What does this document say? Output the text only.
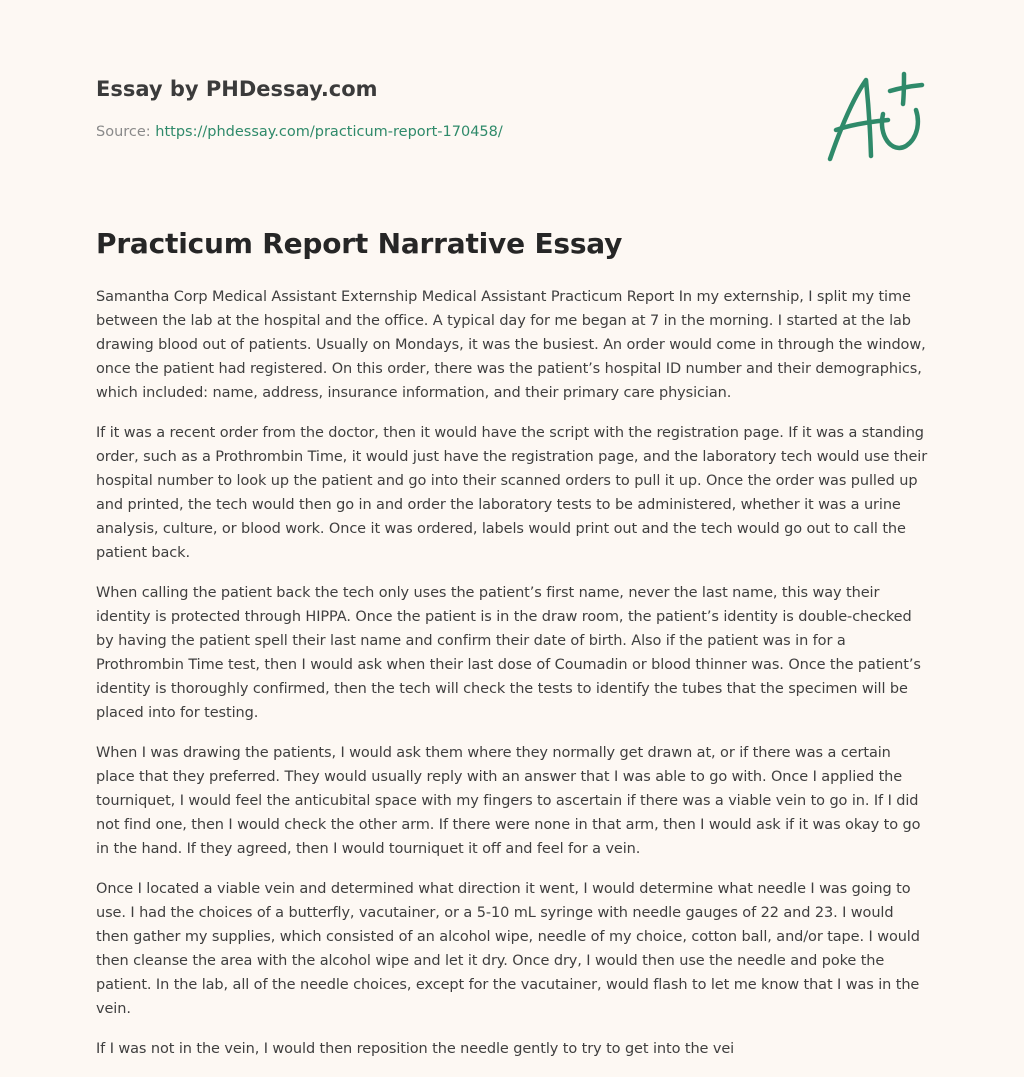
Essay by PHDessay.com
Source: https://phdessay.com/practicum-report-170458/
Practicum Report Narrative Essay

Samantha Corp Medical Assistant Externship Medical Assistant Practicum Report In my externship, I split my time between the lab at the hospital and the office. A typical day for me began at 7 in the morning. I started at the lab drawing blood out of patients. Usually on Mondays, it was the busiest. An order would come in through the window, once the patient had registered. On this order, there was the patient’s hospital ID number and their demographics, which included: name, address, insurance information, and their primary care physician.

If it was a recent order from the doctor, then it would have the script with the registration page. If it was a standing order, such as a Prothrombin Time, it would just have the registration page, and the laboratory tech would use their hospital number to look up the patient and go into their scanned orders to pull it up. Once the order was pulled up and printed, the tech would then go in and order the laboratory tests to be administered, whether it was a urine analysis, culture, or blood work. Once it was ordered, labels would print out and the tech would go out to call the patient back.

When calling the patient back the tech only uses the patient’s first name, never the last name, this way their identity is protected through HIPPA. Once the patient is in the draw room, the patient’s identity is double-checked by having the patient spell their last name and confirm their date of birth. Also if the patient was in for a Prothrombin Time test, then I would ask when their last dose of Coumadin or blood thinner was. Once the patient’s identity is thoroughly confirmed, then the tech will check the tests to identify the tubes that the specimen will be placed into for testing.

When I was drawing the patients, I would ask them where they normally get drawn at, or if there was a certain place that they preferred. They would usually reply with an answer that I was able to go with. Once I applied the tourniquet, I would feel the anticubital space with my fingers to ascertain if there was a viable vein to go in. If I did not find one, then I would check the other arm. If there were none in that arm, then I would ask if it was okay to go in the hand. If they agreed, then I would tourniquet it off and feel for a vein.

Once I located a viable vein and determined what direction it went, I would determine what needle I was going to use. I had the choices of a butterfly, vacutainer, or a 5-10 mL syringe with needle gauges of 22 and 23. I would then gather my supplies, which consisted of an alcohol wipe, needle of my choice, cotton ball, and/or tape. I would then cleanse the area with the alcohol wipe and let it dry. Once dry, I would then use the needle and poke the patient. In the lab, all of the needle choices, except for the vacutainer, would flash to let me know that I was in the vein.

If I was not in the vein, I would then reposition the needle gently to try to get into the vei
